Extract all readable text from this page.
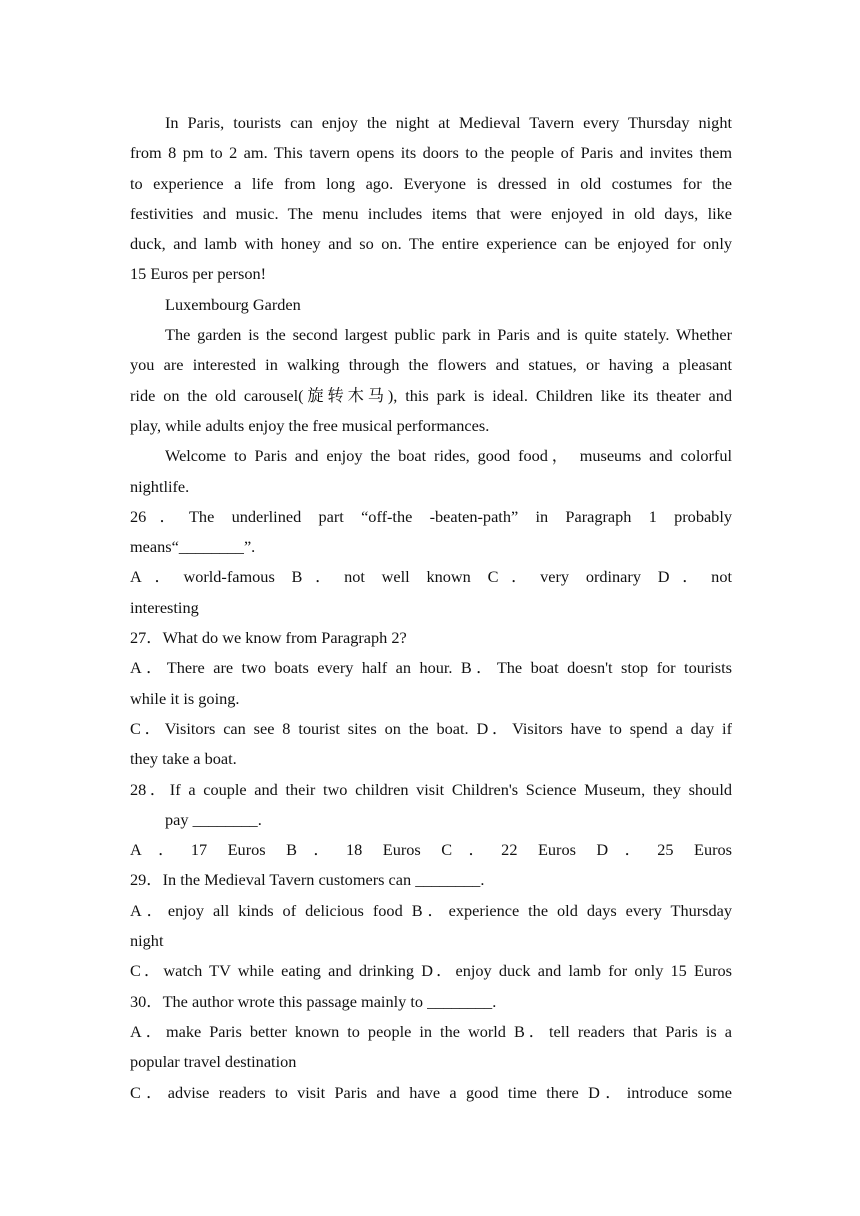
In Paris, tourists can enjoy the night at Medieval Tavern every Thursday night
from 8 pm to 2 am. This tavern opens its doors to the people of Paris and invites them
to experience a life from long ago. Everyone is dressed in old costumes for the
festivities and music. The menu includes items that were enjoyed in old days, like
duck, and lamb with honey and so on. The entire experience can be enjoyed for only
15 Euros per person!
Luxembourg Garden
The garden is the second largest public park in Paris and is quite stately. Whether
you are interested in walking through the flowers and statues, or having a pleasant
ride on the old carousel(旋转木马), this park is ideal. Children like its theater and
play, while adults enjoy the free musical performances.
Welcome to Paris and enjoy the boat rides, good food， museums and colorful
nightlife.
26．The underlined part “off-the -beaten-path” in Paragraph 1 probably
means“________”.
A．world-famous B．not well known C．very ordinary D．not
interesting
27．What do we know from Paragraph 2?
A．There are two boats every half an hour. B．The boat doesn't stop for tourists
while it is going.
C．Visitors can see 8 tourist sites on the boat. D．Visitors have to spend a day if
they take a boat.
28．If a couple and their two children visit Children's Science Museum, they should
pay ________.
A．17 Euros B．18 Euros C．22 Euros D．25 Euros
29．In the Medieval Tavern customers can ________.
A．enjoy all kinds of delicious food B．experience the old days every Thursday
night
C．watch TV while eating and drinking D．enjoy duck and lamb for only 15 Euros
30．The author wrote this passage mainly to ________.
A．make Paris better known to people in the world B．tell readers that Paris is a
popular travel destination
C．advise readers to visit Paris and have a good time there D．introduce some
